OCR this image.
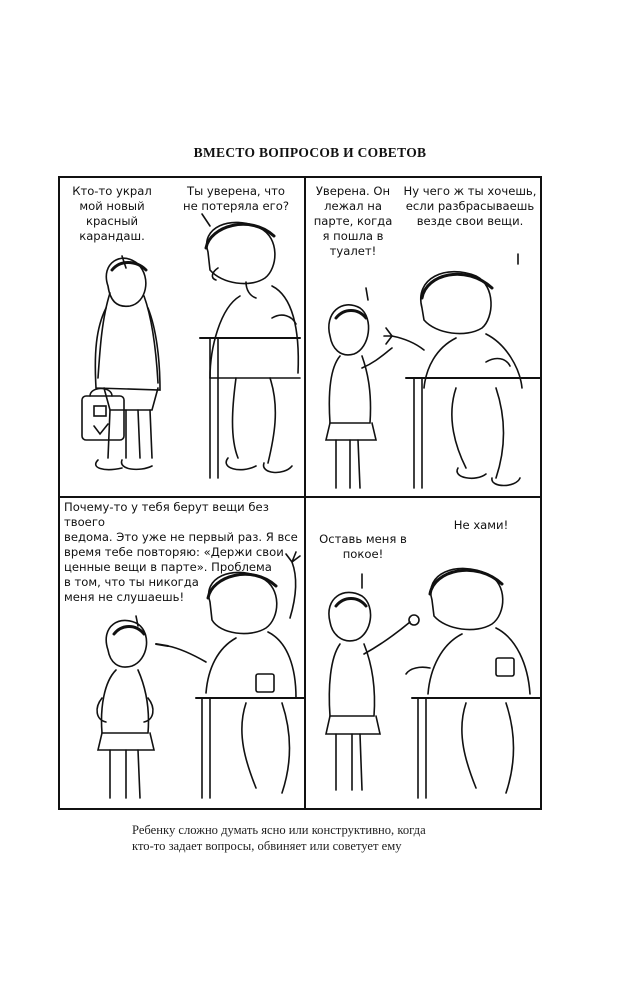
ВМЕСТО ВОПРОСОВ И СОВЕТОВ
Кто-то украл
мой новый
красный
карандаш.
Ты уверена, что
не потеряла его?
Уверена. Он
лежал на
парте, когда
я пошла в
туалет!
Ну чего ж ты хочешь,
если разбрасываешь
везде свои вещи.
Почему-то у тебя берут вещи без твоего
ведома. Это уже не первый раз. Я все
время тебе повторяю: «Держи свои
ценные вещи в парте». Проблема
в том, что ты никогда
меня не слушаешь!
Оставь меня в
покое!
Не хами!
Ребенку сложно думать ясно или конструктивно, когда
кто-то задает вопросы, обвиняет или советует ему
